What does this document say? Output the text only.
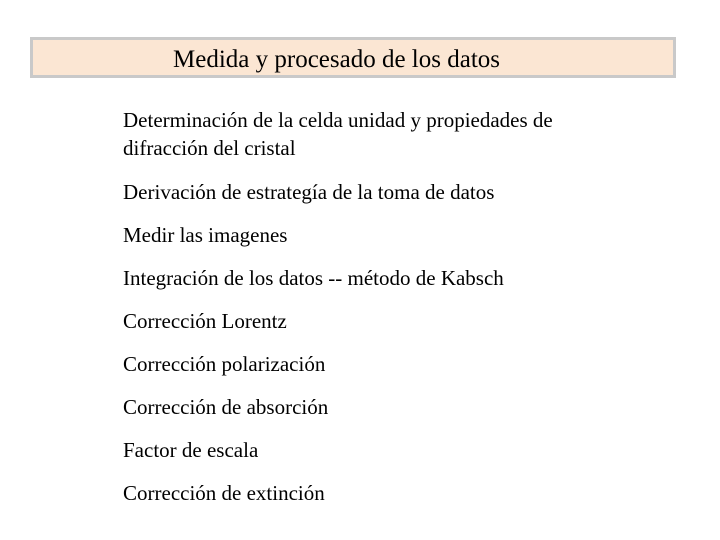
Medida y procesado de los datos
Determinación de la celda unidad y propiedades de
difracción del cristal
Derivación de estrategía de la toma de datos
Medir las imagenes
Integración de los datos -- método de Kabsch
Corrección Lorentz
Corrección polarización
Corrección de absorción
Factor de escala
Corrección de extinción
